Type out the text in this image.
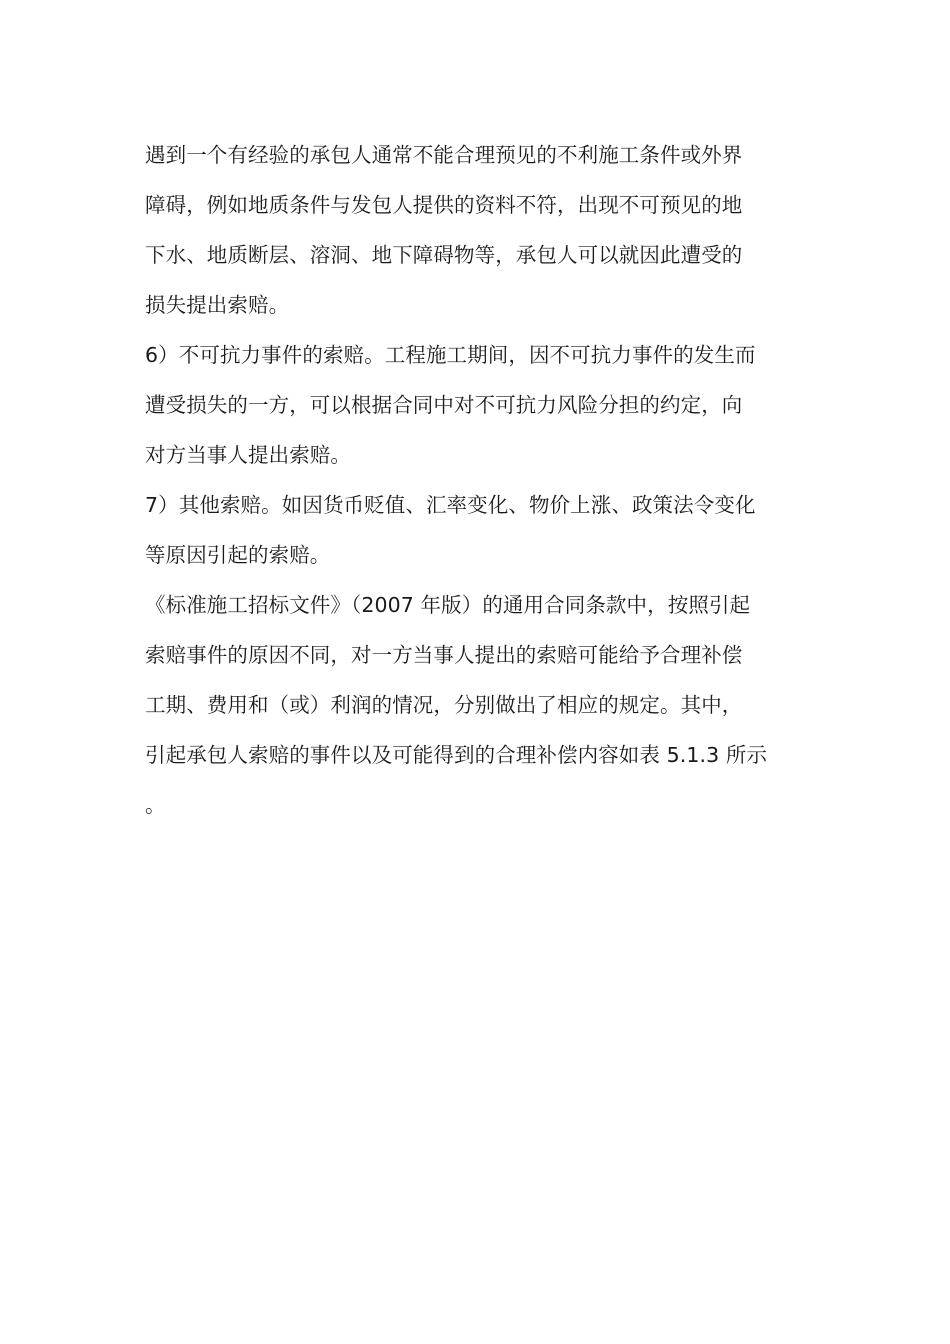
遇到一个有经验的承包人通常不能合理预见的不利施工条件或外界
障碍，例如地质条件与发包人提供的资料不符，出现不可预见的地
下水、地质断层、溶洞、地下障碍物等，承包人可以就因此遭受的
损失提出索赔。
6）不可抗力事件的索赔。工程施工期间，因不可抗力事件的发生而
遭受损失的一方，可以根据合同中对不可抗力风险分担的约定，向
对方当事人提出索赔。
7）其他索赔。如因货币贬值、汇率变化、物价上涨、政策法令变化
等原因引起的索赔。
《标准施工招标文件》（2007 年版）的通用合同条款中，按照引起
索赔事件的原因不同，对一方当事人提出的索赔可能给予合理补偿
工期、费用和（或）利润的情况，分别做出了相应的规定。其中，
引起承包人索赔的事件以及可能得到的合理补偿内容如表 5.1.3 所示
。
